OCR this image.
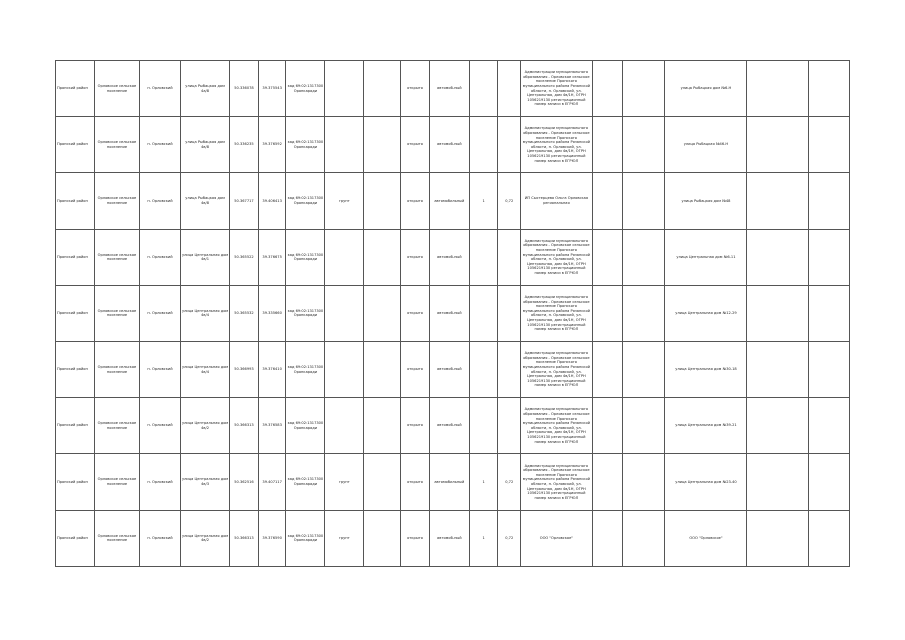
Пронский район	Орловское сельское поселение	п. Орловский	улица Рыбацкая дом 4а/8	50.336078	39.375543	кад 69:02:1317300 Оронкаради			открыто	автомоб-ный			Администрации муниципального образования - Орловское сельское поселение Пронского муниципального района Рязанской области, п. Орловский, ул. Центральная, дом 4в/1Н, ОГРН 1056219130 регистрационный номер записи в ЕГРЮЛ			улица Рыбацкая дом №6-Н		
Пронский район	Орловское сельское поселение	п. Орловский	улица Рыбацкая дом 4в/8	50.336235	39.376592	кад 69:02:1317300 Оронкаради			открыто	автомоб-ный			Администрации муниципального образования - Орловское сельское поселение Пронского муниципального района Рязанской области, п. Орловский, ул. Центральная, дом 4в/1Н, ОГРН 1056219130 регистрационный номер записи в ЕГРЮЛ			улица Рыбацкая №46-Н		
Пронский район	Орловское сельское поселение	п. Орловский	улица Рыбацкая дом 4в/8	50.367717	39.406413	кад 69:02:1317300 Оронкаради	грунт		открыто	автомобильный	1	0,72	ИП Сыстерцева Ольга Орловская региональная			улица Рыбацкая дом №48		
Пронский район	Орловское сельское поселение	п. Орловский	улица Центральная дом 4в/1	50.365522	39.376675	кад 69:02:1317300 Оронкаради			открыто	автомоб-ный			Администрации муниципального образования - Орловское сельское поселение Пронского муниципального района Рязанской области, п. Орловский, ул. Центральная, дом 4в/1Н, ОГРН 1056219130 регистрационный номер записи в ЕГРЮЛ			улица Центральная дом №6-11		
Пронский район	Орловское сельское поселение	п. Орловский	улица Центральная дом 4в/4	50.365532	39.335660	кад 69:02:1317300 Оронкаради			открыто	автомоб-ный			Администрации муниципального образования - Орловское сельское поселение Пронского муниципального района Рязанской области, п. Орловский, ул. Центральная, дом 4в/1Н, ОГРН 1056219130 регистрационный номер записи в ЕГРЮЛ			улица Центральная дом №12-29		
Пронский район	Орловское сельское поселение	п. Орловский	улица Центральная дом 4в/4	50.366993	39.376410	кад 69:02:1317300 Оронкаради			открыто	автомоб-ный			Администрации муниципального образования - Орловское сельское поселение Пронского муниципального района Рязанской области, п. Орловский, ул. Центральная, дом 4в/1Н, ОГРН 1056219130 регистрационный номер записи в ЕГРЮЛ			улица Центральная дом №30-18		
Пронский район	Орловское сельское поселение	п. Орловский	улица Центральная дом 4в/2	50.366313	39.376583	кад 69:02:1317300 Оронкаради			открыто	автомоб-ный			Администрации муниципального образования - Орловское сельское поселение Пронского муниципального района Рязанской области, п. Орловский, ул. Центральная, дом 4в/1Н, ОГРН 1056219130 регистрационный номер записи в ЕГРЮЛ			улица Центральная дом №39-21		
Пронский район	Орловское сельское поселение	п. Орловский	улица Центральная дом 4в/3	50.362516	39.407117	кад 69:02:1317300 Оронкаради	грунт		открыто	автомобильный	1	0,72	Администрации муниципального образования - Орловское сельское поселение Пронского муниципального района Рязанской области, п. Орловский, ул. Центральная, дом 4в/1Н, ОГРН 1056219130 регистрационный номер записи в ЕГРЮЛ			улица Центральная дом №23-40		
Пронский район	Орловское сельское поселение	п. Орловский	улица Центральная дом 4в/2	50.366313	39.376590	кад 69:02:1317300 Оронкаради	грунт		открыто	автомоб-ный	1	0,72	ООО "Орловское"			ООО "Орловское"		
